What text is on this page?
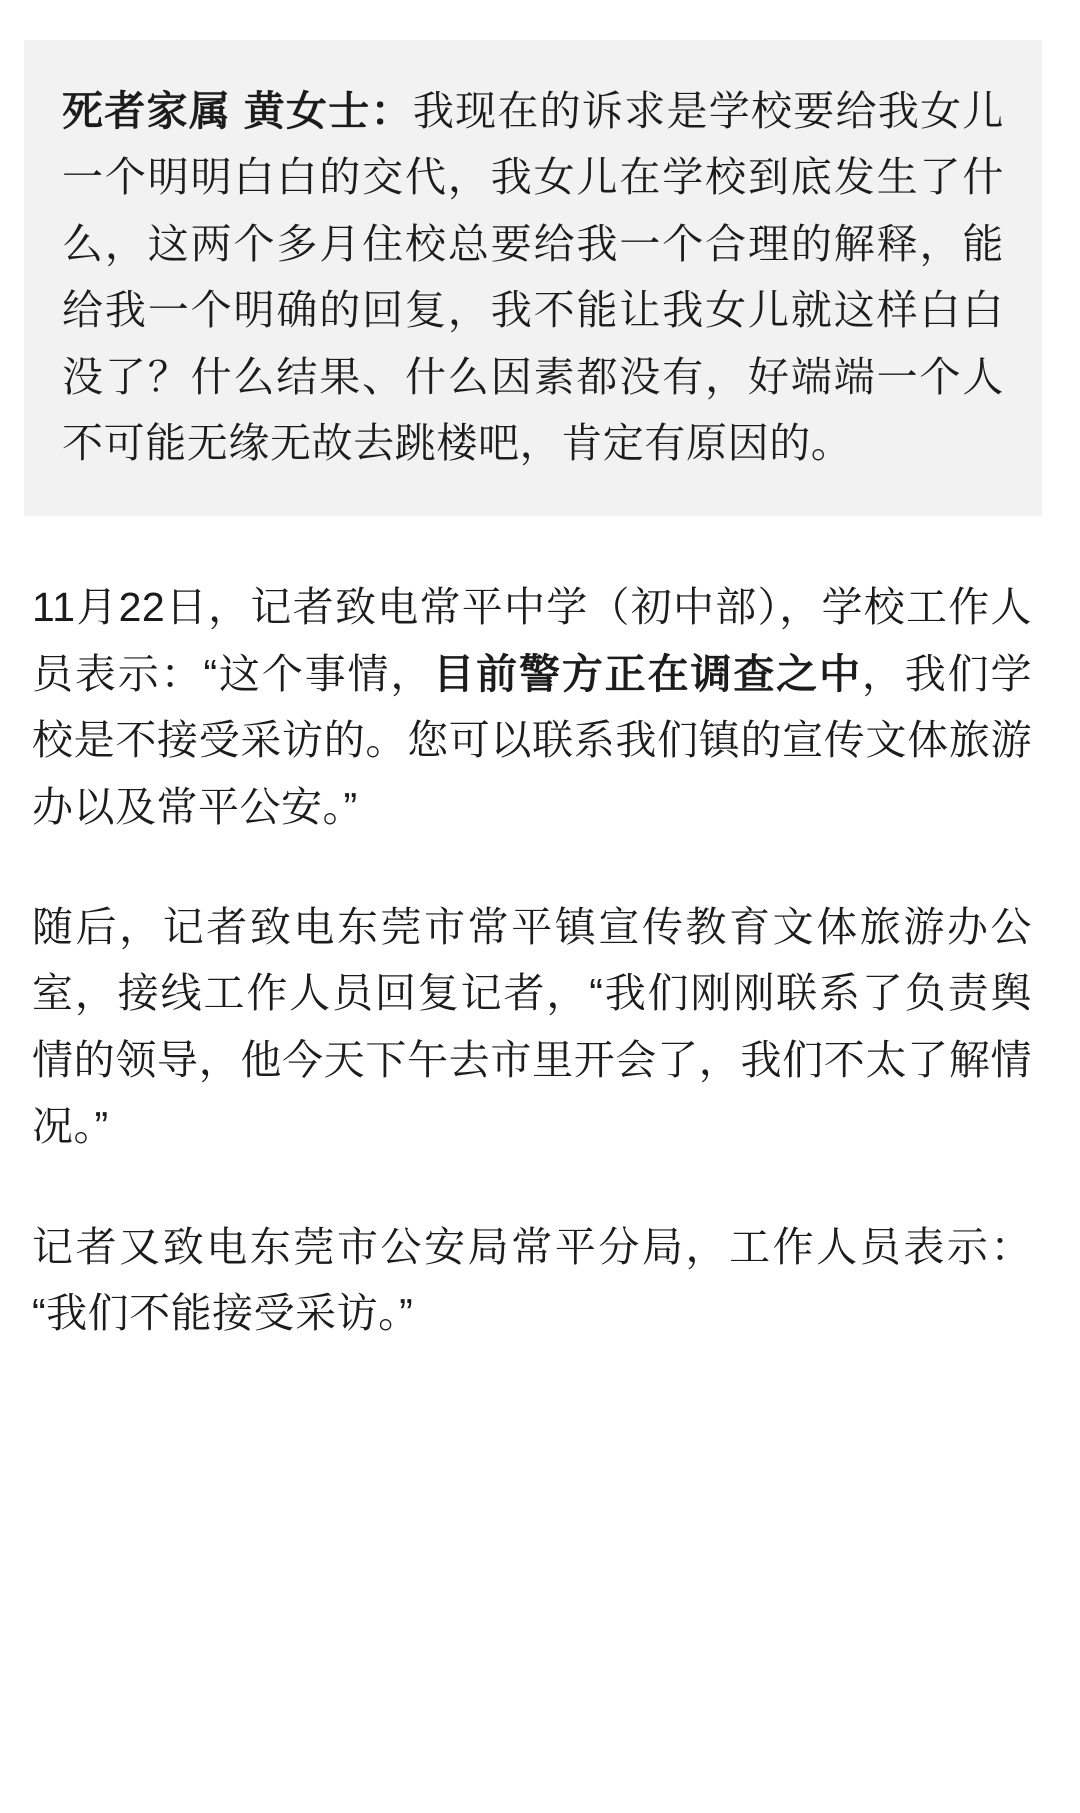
死者家属 黄女士：我现在的诉求是学校要给我女儿一个明明白白的交代，我女儿在学校到底发生了什么，这两个多月住校总要给我一个合理的解释，能给我一个明确的回复，我不能让我女儿就这样白白没了？什么结果、什么因素都没有，好端端一个人不可能无缘无故去跳楼吧，肯定有原因的。

11月22日，记者致电常平中学（初中部），学校工作人员表示：“这个事情，目前警方正在调查之中，我们学校是不接受采访的。您可以联系我们镇的宣传文体旅游办以及常平公安。”

随后，记者致电东莞市常平镇宣传教育文体旅游办公室，接线工作人员回复记者，“我们刚刚联系了负责舆情的领导，他今天下午去市里开会了，我们不太了解情况。”

记者又致电东莞市公安局常平分局，工作人员表示：“我们不能接受采访。”
